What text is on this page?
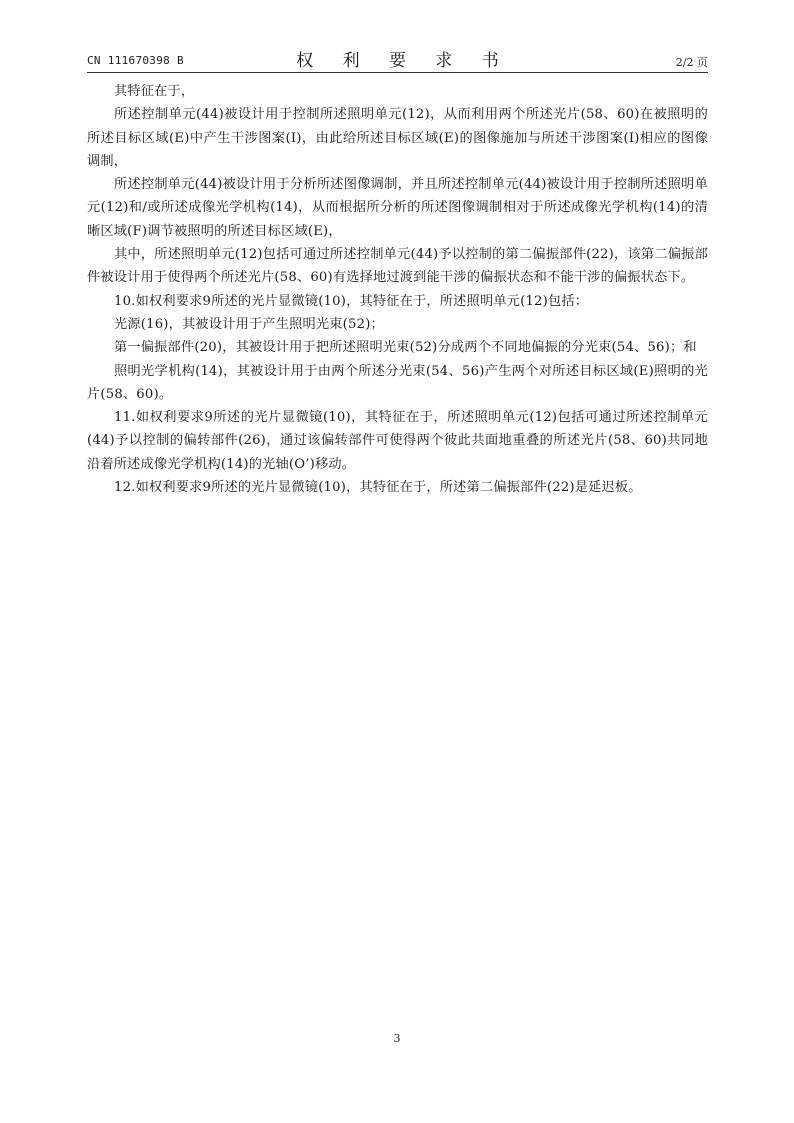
CN 111670398 B	权 利 要 求 书	2/2 页

其特征在于，

所述控制单元(44)被设计用于控制所述照明单元(12)，从而利用两个所述光片(58、60)在被照明的所述目标区域(E)中产生干涉图案(I)，由此给所述目标区域(E)的图像施加与所述干涉图案(I)相应的图像调制，

所述控制单元(44)被设计用于分析所述图像调制，并且所述控制单元(44)被设计用于控制所述照明单元(12)和/或所述成像光学机构(14)，从而根据所分析的所述图像调制相对于所述成像光学机构(14)的清晰区域(F)调节被照明的所述目标区域(E)，

其中，所述照明单元(12)包括可通过所述控制单元(44)予以控制的第二偏振部件(22)，该第二偏振部件被设计用于使得两个所述光片(58、60)有选择地过渡到能干涉的偏振状态和不能干涉的偏振状态下。

10.如权利要求9所述的光片显微镜(10)，其特征在于，所述照明单元(12)包括：

光源(16)，其被设计用于产生照明光束(52)；

第一偏振部件(20)，其被设计用于把所述照明光束(52)分成两个不同地偏振的分光束(54、56)；和

照明光学机构(14)，其被设计用于由两个所述分光束(54、56)产生两个对所述目标区域(E)照明的光片(58、60)。

11.如权利要求9所述的光片显微镜(10)，其特征在于，所述照明单元(12)包括可通过所述控制单元(44)予以控制的偏转部件(26)，通过该偏转部件可使得两个彼此共面地重叠的所述光片(58、60)共同地沿着所述成像光学机构(14)的光轴(O’)移动。

12.如权利要求9所述的光片显微镜(10)，其特征在于，所述第二偏振部件(22)是延迟板。

3
